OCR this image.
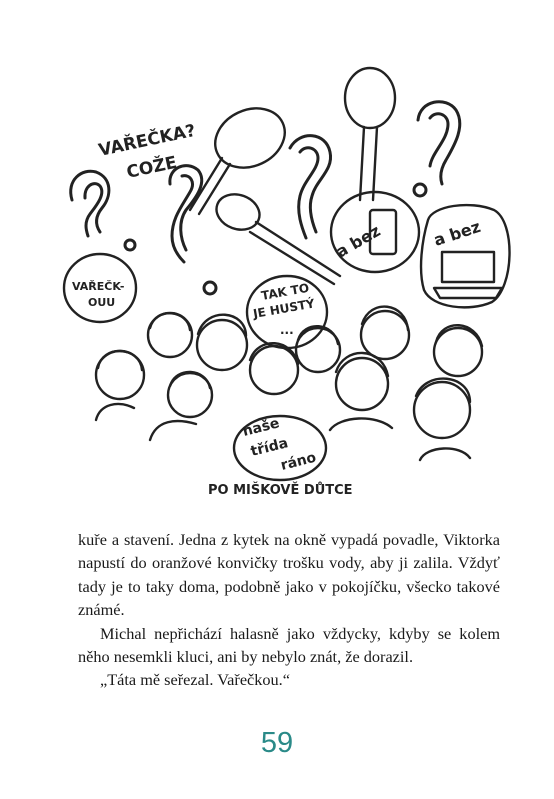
VAŘEČKA?
COŽE
VAŘEČK-
OUU	TAK TO
JE HUSTÝ
...
a bez	a bez
naše
třída
ráno
PO MIŠKOVĚ DŮTCE

kuře a stavení. Jedna z kytek na okně vypadá povadle, Viktorka napustí do oranžové konvičky trošku vody, aby ji zalila. Vždyť tady je to taky doma, podobně jako v pokojíčku, všecko takové známé.

Michal nepřichází halasně jako vždycky, kdyby se kolem něho nesemkli kluci, ani by nebylo znát, že dorazil.

„Táta mě seřezal. Vařečkou.“

59
